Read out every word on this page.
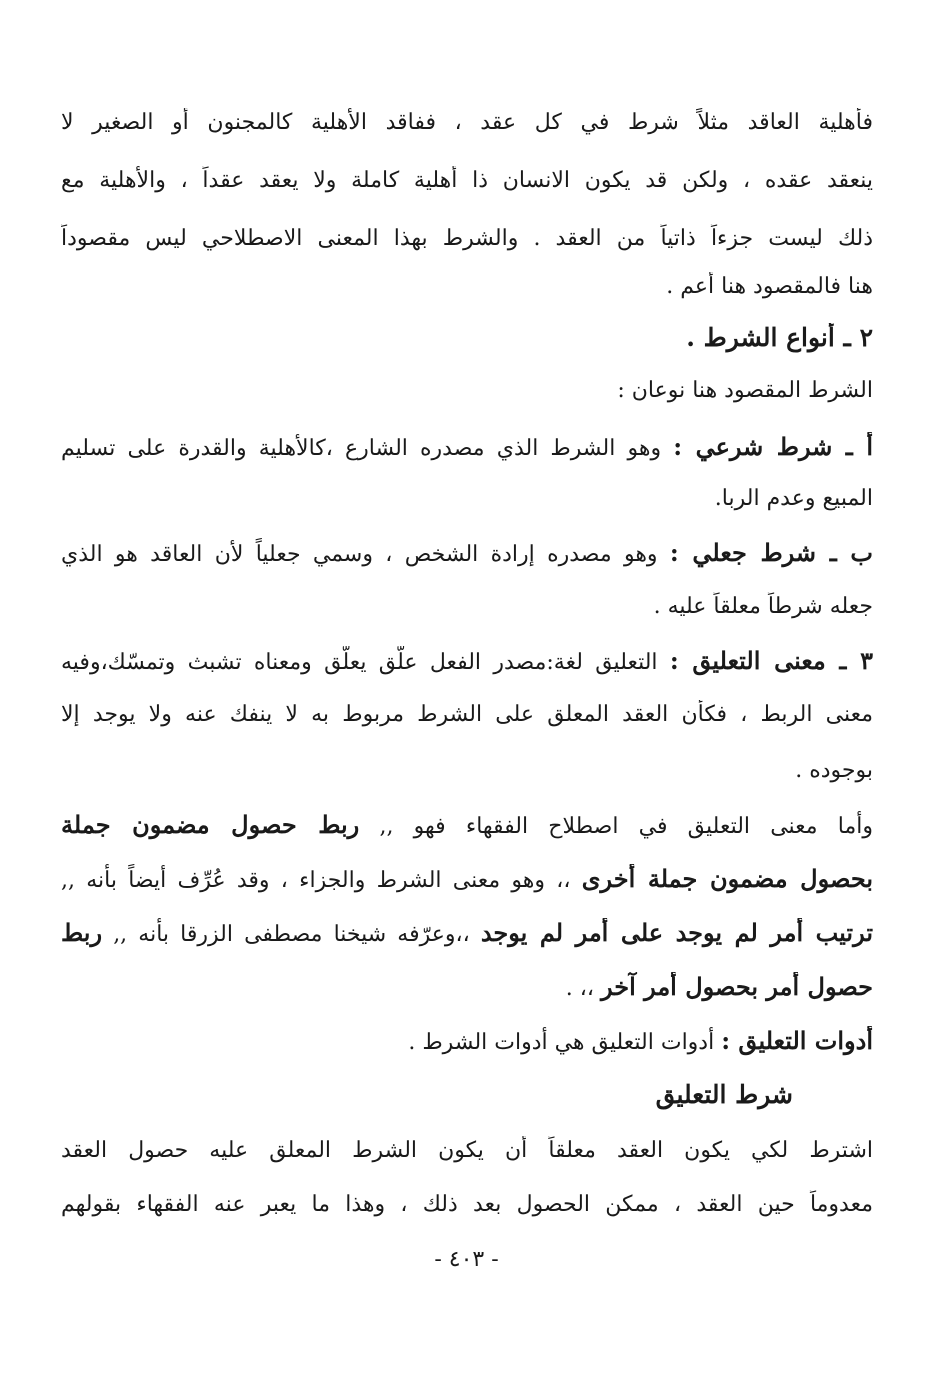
فأهلية العاقد مثلاً شرط في كل عقد ، ففاقد الأهلية كالمجنون أو الصغير لا
ينعقد عقده ، ولكن قد يكون الانسان ذا أهلية كاملة ولا يعقد عقداً ، والأهلية مع
ذلك ليست جزءاً ذاتياً من العقد . والشرط بهذا المعنى الاصطلاحي ليس مقصوداً
هنا فالمقصود هنا أعم .
٢ ـ أنواع الشرط .
الشرط المقصود هنا نوعان :
أ ـ شرط شرعي : وهو الشرط الذي مصدره الشارع ،كالأهلية والقدرة على تسليم
المبيع وعدم الربا.
ب ـ شرط جعلي : وهو مصدره إرادة الشخص ، وسمي جعلياً لأن العاقد هو الذي
جعله شرطاً معلقاً عليه .
٣ ـ معنى التعليق : التعليق لغة:مصدر الفعل علّق يعلّق ومعناه تشبث وتمسّك،وفيه
معنى الربط ، فكأن العقد المعلق على الشرط مربوط به لا ينفك عنه ولا يوجد إلا
بوجوده .
وأما معنى التعليق في اصطلاح الفقهاء فهو ,, ربط حصول مضمون جملة
بحصول مضمون جملة أخرى ،، وهو معنى الشرط والجزاء ، وقد عُرِّف أيضاً بأنه ,,
ترتيب أمر لم يوجد على أمر لم يوجد ،،وعرّفه شيخنا مصطفى الزرقا بأنه ,, ربط
حصول أمر بحصول أمر آخر ،، .
أدوات التعليق : أدوات التعليق هي أدوات الشرط .
شرط التعليق
اشترط لكي يكون العقد معلقاً أن يكون الشرط المعلق عليه حصول العقد
معدوماً حين العقد ، ممكن الحصول بعد ذلك ، وهذا ما يعبر عنه الفقهاء بقولهم
- ٤٠٣ -
